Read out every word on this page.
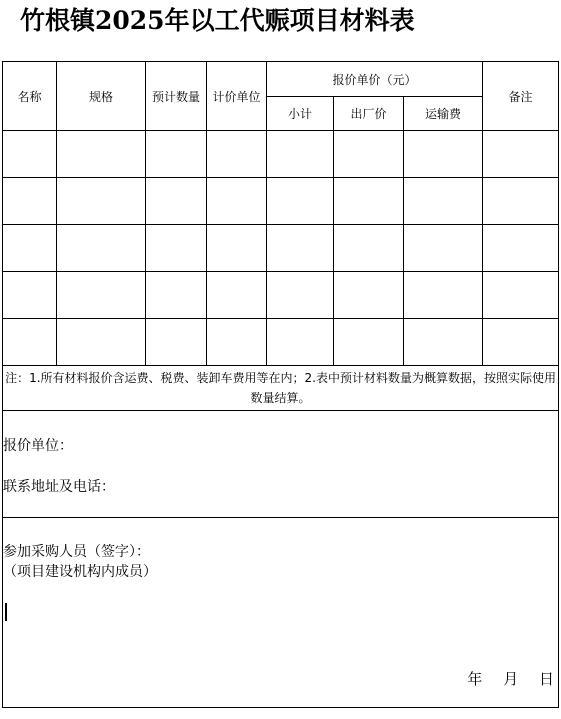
竹根镇2025年以工代赈项目材料表
名称	规格	预计数量	计价单位	报价单价（元）			备注
				小计	出厂价	运输费	

注：1.所有材料报价含运费、税费、装卸车费用等在内；2.表中预计材料数量为概算数据，按照实际使用数量结算。							

报价单位：
联系地址及电话：							

参加采购人员（签字）：
（项目建设机构内成员）
年 月 日							
